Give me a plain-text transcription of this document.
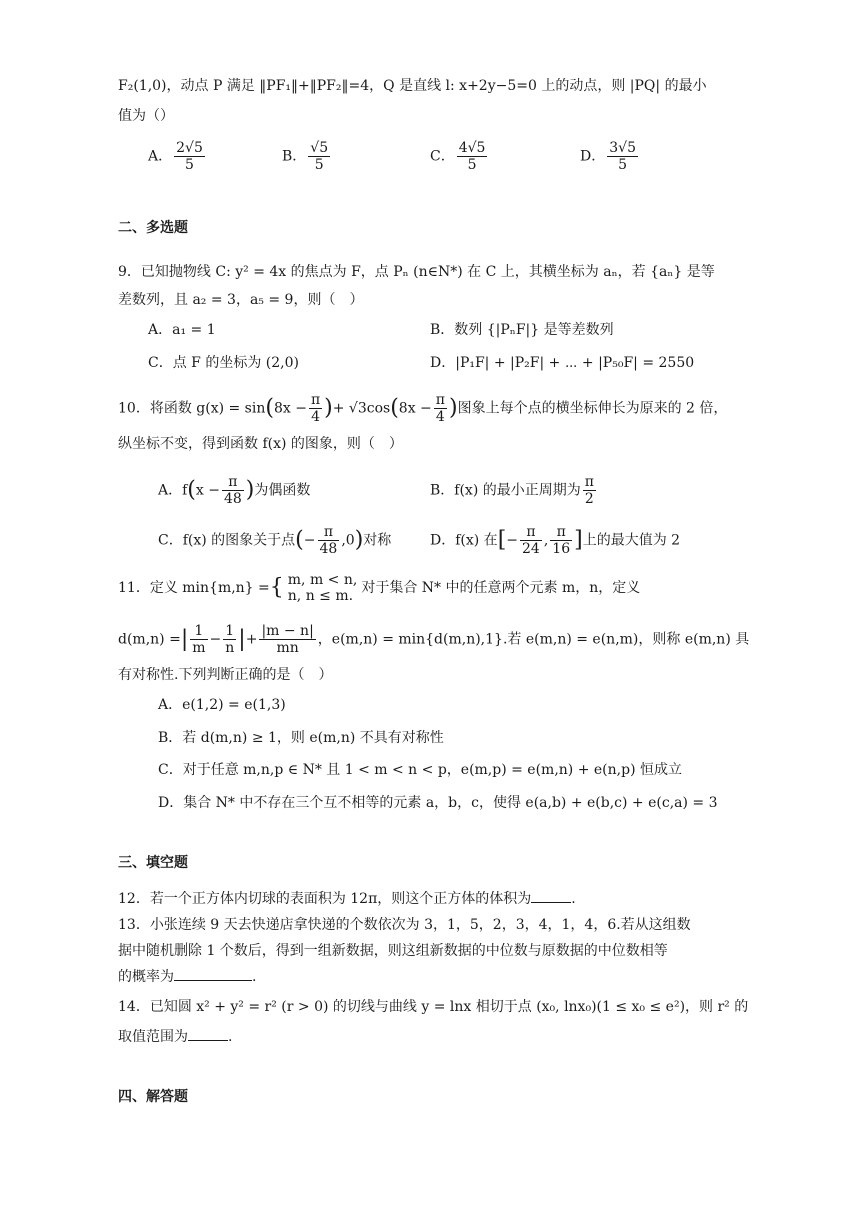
F₂(1,0)，动点 P 满足 ‖PF₁‖+‖PF₂‖=4，Q 是直线 l: x+2y−5=0 上的动点，则 |PQ| 的最小
值为（）
A． $\frac{2√5}{5}$	B． $\frac{√5}{5}$	C． $\frac{4√5}{5}$	D． $\frac{3√5}{5}$
二、多选题
9．已知抛物线 C: y² = 4x 的焦点为 F，点 Pₙ (n∈N*) 在 C 上，其横坐标为 aₙ，若 {aₙ} 是等
差数列，且 a₂ = 3，a₅ = 9，则（　）
A．a₁ = 1	B．数列 {|PₙF|} 是等差数列
C．点 F 的坐标为 (2,0)	D．|P₁F| + |P₂F| + ⋯ + |P₅₀F| = 2550
10．将函数 $g(x) = \sin(8x - \frac{\pi}{4}$ )+ $√3\cos(8x - \frac{\pi}{4}$ )图象上每个点的横坐标伸长为原来的 2 倍，
纵坐标不变，得到函数 f(x) 的图象，则（　）
A．$f(x - \frac{\pi}{48}$ )为偶函数	B．f(x) 的最小正周期为 $\frac{\pi}{2}$
C．f(x) 的图象关于点(− $\frac{\pi}{48} ,0$)对称	D．f(x) 在[− $\frac{\pi}{24}$ , $\frac{\pi}{16}$ ]上的最大值为 2
11．定义 min{m,n} ={ m, m < n,
n, n ≤ m. 对于集合 N* 中的任意两个元素 m，n，定义
d(m,n) =| $\frac{1}{m} - \frac{1}{n}$ |+ $\frac{|m - n|}{mn}$ ，e(m,n) = min{d(m,n),1}.若 e(m,n) = e(n,m)，则称 e(m,n) 具
有对称性.下列判断正确的是（　）
A．e(1,2) = e(1,3)
B．若 d(m,n) ≥ 1，则 e(m,n) 不具有对称性
C．对于任意 m,n,p ∈ N* 且 1 < m < n < p，e(m,p) = e(m,n) + e(n,p) 恒成立
D．集合 N* 中不存在三个互不相等的元素 a，b，c，使得 e(a,b) + e(b,c) + e(c,a) = 3
三、填空题
12．若一个正方体内切球的表面积为 12π，则这个正方体的体积为	.
13．小张连续 9 天去快递店拿快递的个数依次为 3，1，5，2，3，4，1，4，6.若从这组数
据中随机删除 1 个数后，得到一组新数据，则这组新数据的中位数与原数据的中位数相等
的概率为	.
14．已知圆 x² + y² = r² (r > 0) 的切线与曲线 y = lnx 相切于点 (x₀, lnx₀)(1 ≤ x₀ ≤ e²)，则 r² 的
取值范围为	.
四、解答题
